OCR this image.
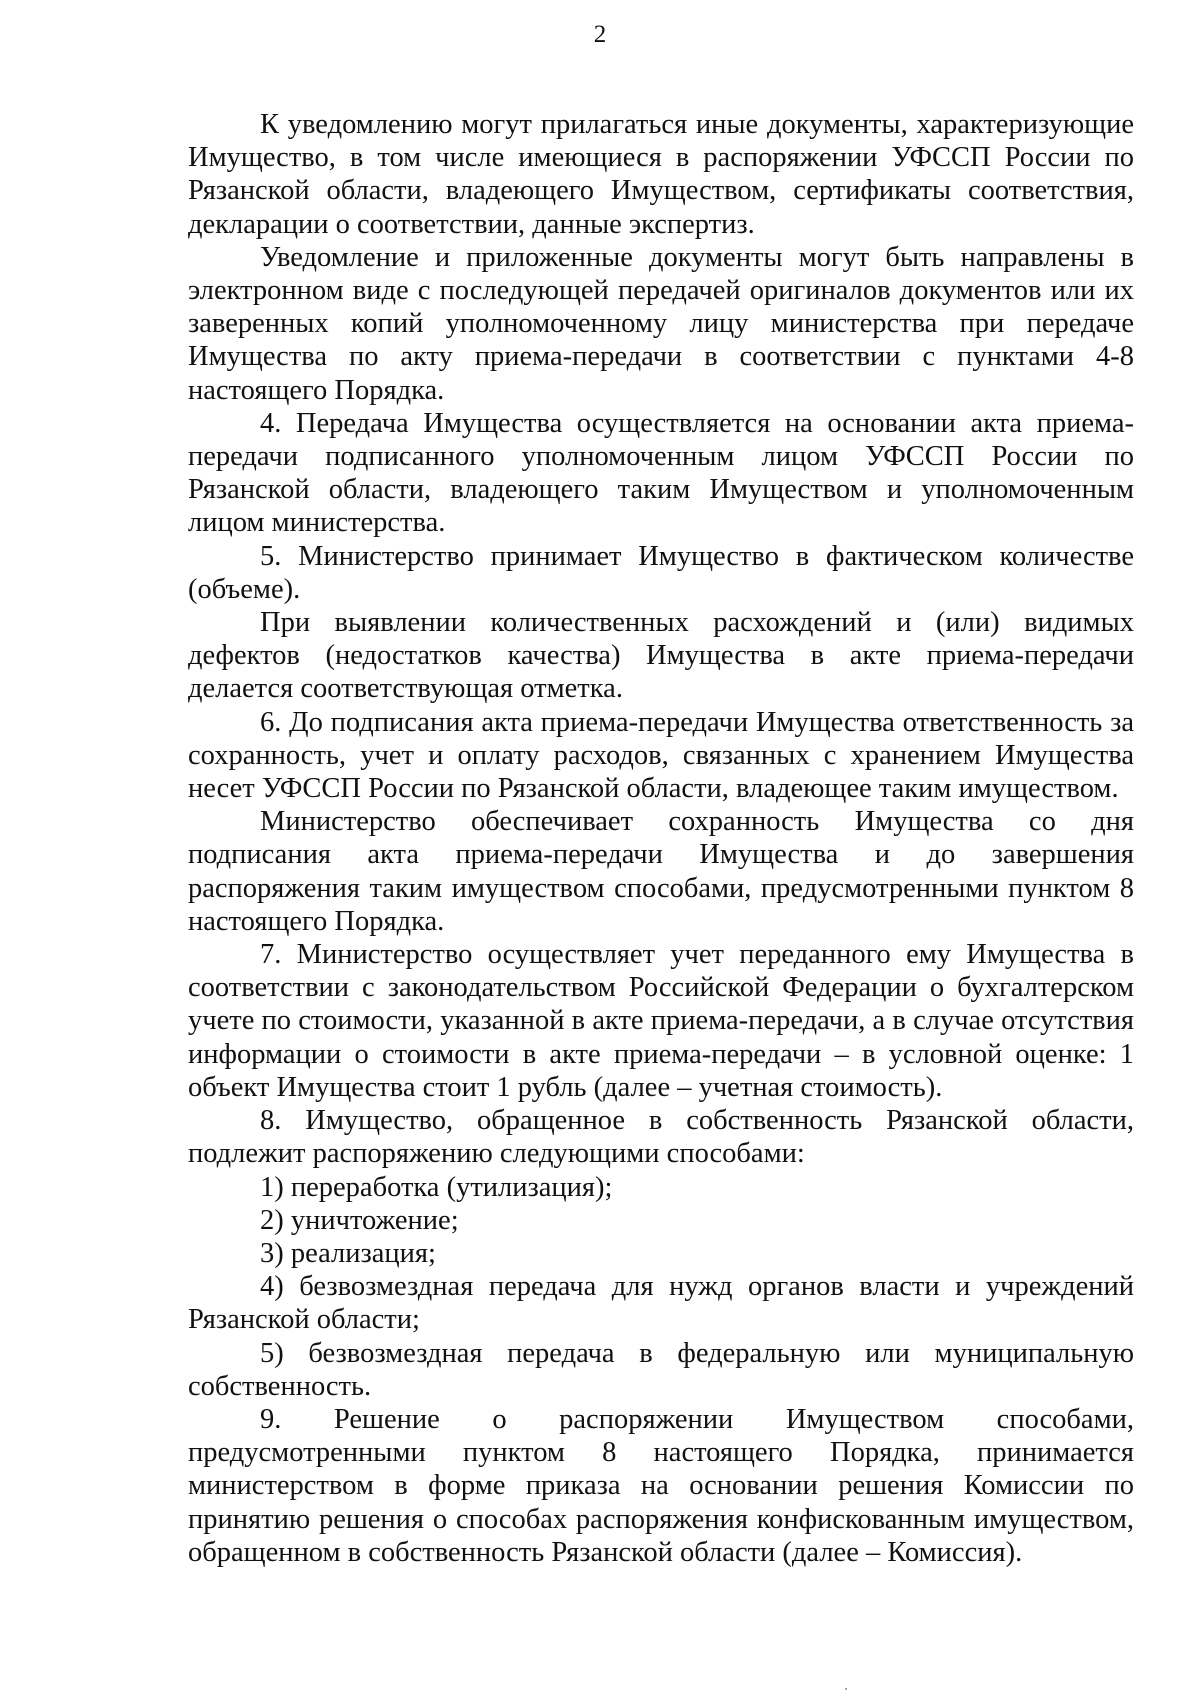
2

К уведомлению могут прилагаться иные документы, характеризующие Имущество, в том числе имеющиеся в распоряжении УФССП России по Рязанской области, владеющего Имуществом, сертификаты соответствия, декларации о соответствии, данные экспертиз.

Уведомление и приложенные документы могут быть направлены в электронном виде с последующей передачей оригиналов документов или их заверенных копий уполномоченному лицу министерства при передаче Имущества по акту приема-передачи в соответствии с пунктами 4-8 настоящего Порядка.

4. Передача Имущества осуществляется на основании акта приема-передачи подписанного уполномоченным лицом УФССП России по Рязанской области, владеющего таким Имуществом и уполномоченным лицом министерства.

5. Министерство принимает Имущество в фактическом количестве (объеме).

При выявлении количественных расхождений и (или) видимых дефектов (недостатков качества) Имущества в акте приема-передачи делается соответствующая отметка.

6. До подписания акта приема-передачи Имущества ответственность за сохранность, учет и оплату расходов, связанных с хранением Имущества несет УФССП России по Рязанской области, владеющее таким имуществом.

Министерство обеспечивает сохранность Имущества со дня подписания акта приема-передачи Имущества и до завершения распоряжения таким имуществом способами, предусмотренными пунктом 8 настоящего Порядка.

7. Министерство осуществляет учет переданного ему Имущества в соответствии с законодательством Российской Федерации о бухгалтерском учете по стоимости, указанной в акте приема-передачи, а в случае отсутствия информации о стоимости в акте приема-передачи – в условной оценке: 1 объект Имущества стоит 1 рубль (далее – учетная стоимость).

8. Имущество, обращенное в собственность Рязанской области, подлежит распоряжению следующими способами:

1) переработка (утилизация);

2) уничтожение;

3) реализация;

4) безвозмездная передача для нужд органов власти и учреждений Рязанской области;

5) безвозмездная передача в федеральную или муниципальную собственность.

9. Решение о распоряжении Имуществом способами, предусмотренными пунктом 8 настоящего Порядка, принимается министерством в форме приказа на основании решения Комиссии по принятию решения о способах распоряжения конфискованным имуществом, обращенном в собственность Рязанской области (далее – Комиссия).
